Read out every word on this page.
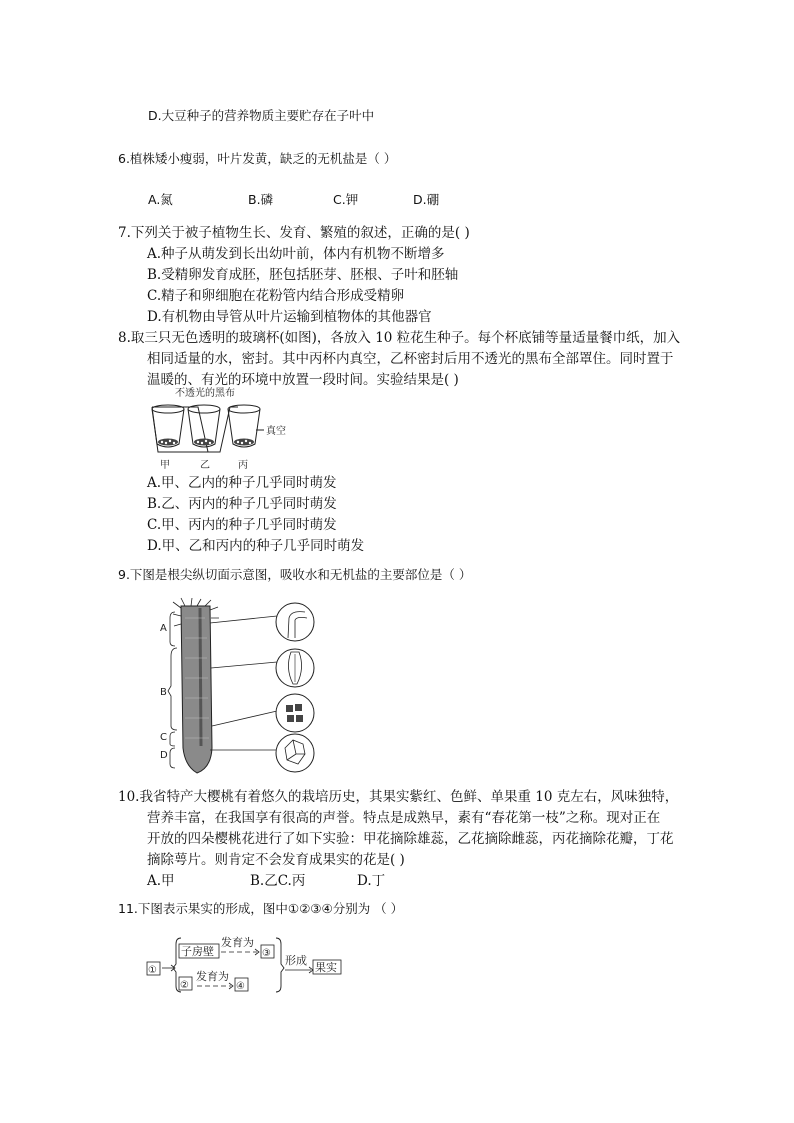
D.大豆种子的营养物质主要贮存在子叶中
6.植株矮小瘦弱，叶片发黄，缺乏的无机盐是（ ）
A.氮	B.磷	C.钾	D.硼
7.下列关于被子植物生长、发育、繁殖的叙述，正确的是( )
A.种子从萌发到长出幼叶前，体内有机物不断增多
B.受精卵发育成胚，胚包括胚芽、胚根、子叶和胚轴
C.精子和卵细胞在花粉管内结合形成受精卵
D.有机物由导管从叶片运输到植物体的其他器官
8.取三只无色透明的玻璃杯(如图)，各放入 10 粒花生种子。每个杯底铺等量适量餐巾纸，加入
相同适量的水，密封。其中丙杯内真空，乙杯密封后用不透光的黑布全部罩住。同时置于
温暖的、有光的环境中放置一段时间。实验结果是( )
不透光的黑布
真空
甲	乙	丙
A.甲、乙内的种子几乎同时萌发
B.乙、丙内的种子几乎同时萌发
C.甲、丙内的种子几乎同时萌发
D.甲、乙和丙内的种子几乎同时萌发
9.下图是根尖纵切面示意图，吸收水和无机盐的主要部位是（ ）
A
B
C
D
10.我省特产大樱桃有着悠久的栽培历史，其果实紫红、色鲜、单果重 10 克左右，风味独特，
营养丰富，在我国享有很高的声誉。特点是成熟早，素有“春花第一枝”之称。现对正在
开放的四朵樱桃花进行了如下实验：甲花摘除雄蕊，乙花摘除雌蕊，丙花摘除花瓣，丁花
摘除萼片。则肯定不会发育成果实的花是( )
A.甲	B.乙C.丙	D.丁
11.下图表示果实的形成，图中①②③④分别为 （ ）
①
子房壁
发育为
③
②
发育为
④
形成
果实
